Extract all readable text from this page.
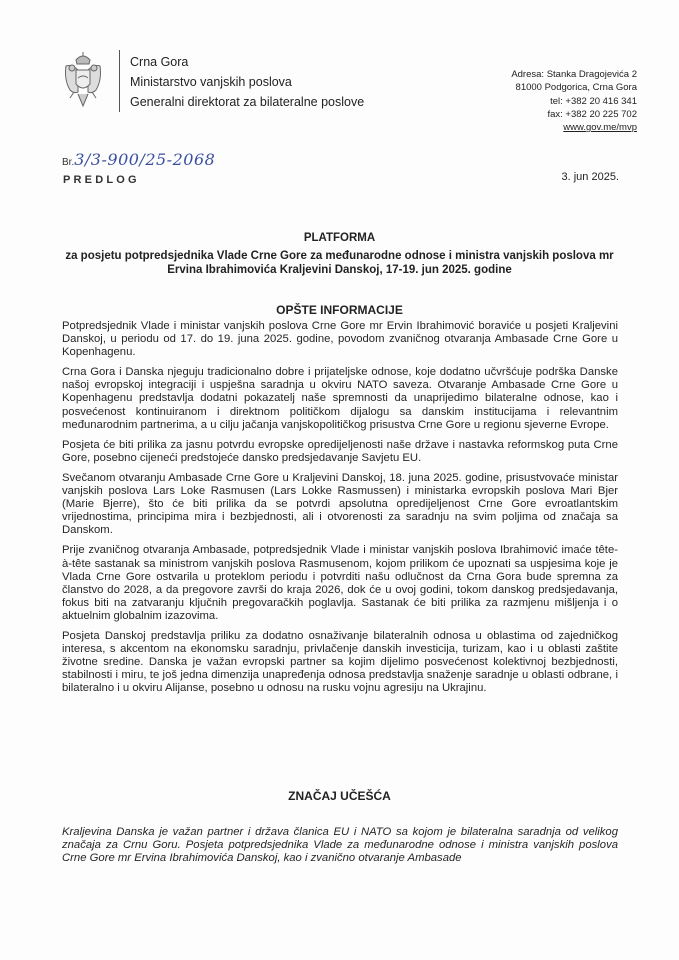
Crna Gora
Ministarstvo vanjskih poslova
Generalni direktorat za bilateralne poslove
Adresa: Stanka Dragojevića 2
81000 Podgorica, Crna Gora
tel: +382 20 416 341
fax: +382 20 225 702
www.gov.me/mvp
Br.3/3-900/25-2068
PREDLOG	3. jun 2025.
PLATFORMA
za posjetu potpredsjednika Vlade Crne Gore za međunarodne odnose i ministra vanjskih poslova mr Ervina Ibrahimovića Kraljevini Danskoj, 17-19. jun 2025. godine
OPŠTE INFORMACIJE

Potpredsjednik Vlade i ministar vanjskih poslova Crne Gore mr Ervin Ibrahimović boraviće u posjeti Kraljevini Danskoj, u periodu od 17. do 19. juna 2025. godine, povodom zvaničnog otvaranja Ambasade Crne Gore u Kopenhagenu.

Crna Gora i Danska njeguju tradicionalno dobre i prijateljske odnose, koje dodatno učvršćuje podrška Danske našoj evropskoj integraciji i uspješna saradnja u okviru NATO saveza. Otvaranje Ambasade Crne Gore u Kopenhagenu predstavlja dodatni pokazatelj naše spremnosti da unaprijedimo bilateralne odnose, kao i posvećenost kontinuiranom i direktnom političkom dijalogu sa danskim institucijama i relevantnim međunarodnim partnerima, a u cilju jačanja vanjskopolitičkog prisustva Crne Gore u regionu sjeverne Evrope.

Posjeta će biti prilika za jasnu potvrdu evropske opredijeljenosti naše države i nastavka reformskog puta Crne Gore, posebno cijeneći predstojeće dansko predsjedavanje Savjetu EU.

Svečanom otvaranju Ambasade Crne Gore u Kraljevini Danskoj, 18. juna 2025. godine, prisustvovaće ministar vanjskih poslova Lars Loke Rasmusen (Lars Lokke Rasmussen) i ministarka evropskih poslova Mari Bjer (Marie Bjerre), što će biti prilika da se potvrdi apsolutna opredijeljenost Crne Gore evroatlantskim vrijednostima, principima mira i bezbjednosti, ali i otvorenosti za saradnju na svim poljima od značaja sa Danskom.

Prije zvaničnog otvaranja Ambasade, potpredsjednik Vlade i ministar vanjskih poslova Ibrahimović imaće tête-à-tête sastanak sa ministrom vanjskih poslova Rasmusenom, kojom prilikom će upoznati sa uspjesima koje je Vlada Crne Gore ostvarila u proteklom periodu i potvrditi našu odlučnost da Crna Gora bude spremna za članstvo do 2028, a da pregovore završi do kraja 2026, dok će u ovoj godini, tokom danskog predsjedavanja, fokus biti na zatvaranju ključnih pregovaračkih poglavlja. Sastanak će biti prilika za razmjenu mišljenja i o aktuelnim globalnim izazovima.

Posjeta Danskoj predstavlja priliku za dodatno osnaživanje bilateralnih odnosa u oblastima od zajedničkog interesa, s akcentom na ekonomsku saradnju, privlačenje danskih investicija, turizam, kao i u oblasti zaštite životne sredine. Danska je važan evropski partner sa kojim dijelimo posvećenost kolektivnoj bezbjednosti, stabilnosti i miru, te još jedna dimenzija unapređenja odnosa predstavlja snaženje saradnje u oblasti odbrane, i bilateralno i u okviru Alijanse, posebno u odnosu na rusku vojnu agresiju na Ukrajinu.

ZNAČAJ UČEŠĆA

Kraljevina Danska je važan partner i država članica EU i NATO sa kojom je bilateralna saradnja od velikog značaja za Crnu Goru. Posjeta potpredsjednika Vlade za međunarodne odnose i ministra vanjskih poslova Crne Gore mr Ervina Ibrahimovića Danskoj, kao i zvanično otvaranje Ambasade
